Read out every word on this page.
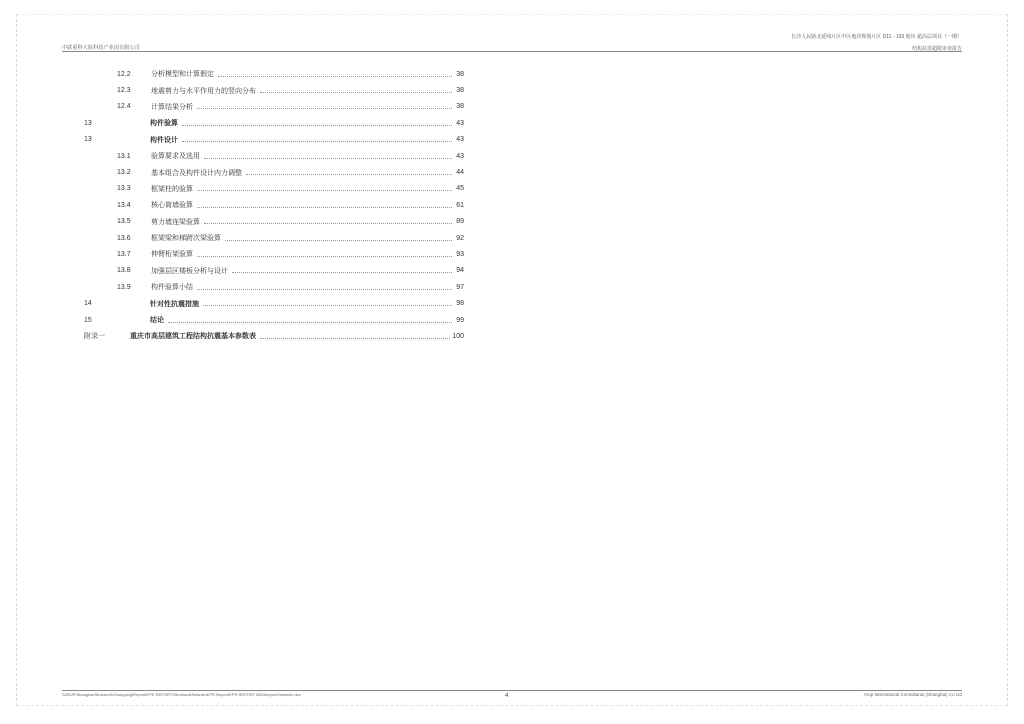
中联重科大院科技产业园有限公司
长沙人民路北延线片区中区地块规划片区 D11 - 103 地块 超高层项目（一期）
结构抗震超限审查报告
12.2	分析模型和计算假定	38
12.3	地震剪力与水平作用力的竖向分布	38
12.4	计算结果分析	38
13	构件验算	43
13	构件设计	43
13.1	验算要求及选用	43
13.2	基本组合及构件设计内力调整	44
13.3	框架柱的验算	45
13.4	核心筒墙验算	61
13.5	剪力墙连梁验算	89
13.6	框架梁和梯跨次梁验算	92
13.7	伸臂桁架验算	93
13.8	加强层区楼板分析与设计	94
13.9	构件验算小结	97
14	针对性抗震措施	98
15	结论	99
附录一	重庆市高层建筑工程结构抗震基本参数表	100
\\ARUP\Shanghai\Structural\Chongqing\Report\EPD REPORT\Structural\Seismic\EPR Report\EPR REPORT 0504\report2\seismic.doc	4	Arup International Consultants (Shanghai) Co Ltd
